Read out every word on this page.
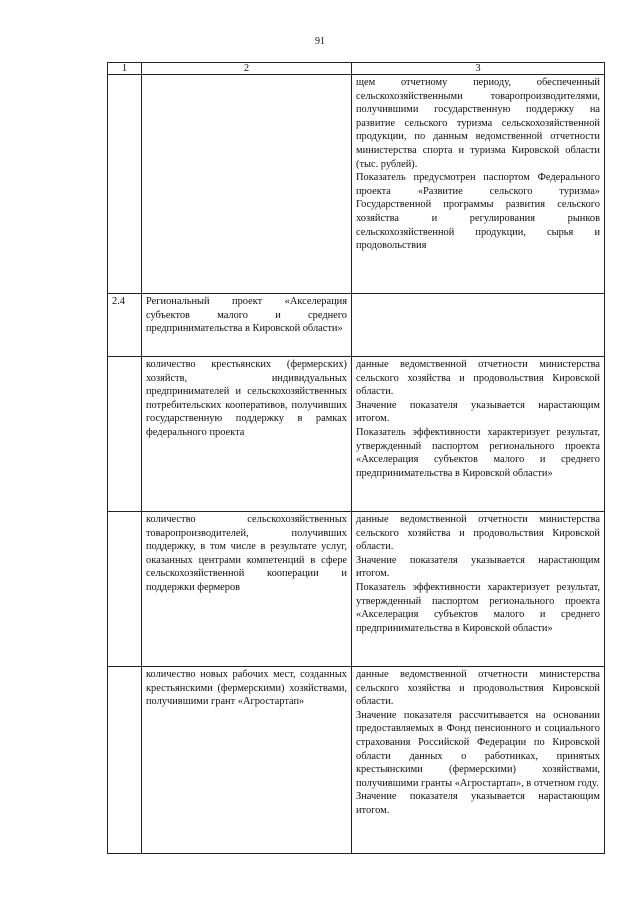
91
1	2	3

		щем отчетному периоду, обеспеченный сельскохозяйственными товаропроизводителями, получившими государственную поддержку на развитие сельского туризма сельскохозяйственной продукции, по данным ведомственной отчетности министерства спорта и туризма Кировской области (тыс. рублей).

Показатель предусмотрен паспортом Федерального проекта «Развитие сельского туризма» Государственной программы развития сельского хозяйства и регулирования рынков сельскохозяйственной продукции, сырья и продовольствия

2.4	Региональный проект «Акселерация субъектов малого и среднего предпринимательства в Кировской области»	

	количество крестьянских (фермерских) хозяйств, индивидуальных предпринимателей и сельскохозяйственных потребительских кооперативов, получивших государственную поддержку в рамках федерального проекта	данные ведомственной отчетности министерства сельского хозяйства и продовольствия Кировской области.

Значение показателя указывается нарастающим итогом.

Показатель эффективности характеризует результат, утвержденный паспортом регионального проекта «Акселерация субъектов малого и среднего предпринимательства в Кировской области»

	количество сельскохозяйственных товаропроизводителей, получивших поддержку, в том числе в результате услуг, оказанных центрами компетенций в сфере сельскохозяйственной кооперации и поддержки фермеров	данные ведомственной отчетности министерства сельского хозяйства и продовольствия Кировской области.

Значение показателя указывается нарастающим итогом.

Показатель эффективности характеризует результат, утвержденный паспортом регионального проекта «Акселерация субъектов малого и среднего предпринимательства в Кировской области»

	количество новых рабочих мест, созданных крестьянскими (фермерскими) хозяйствами, получившими грант «Агростартап»	данные ведомственной отчетности министерства сельского хозяйства и продовольствия Кировской области.

Значение показателя рассчитывается на основании предоставляемых в Фонд пенсионного и социального страхования Российской Федерации по Кировской области данных о работниках, принятых крестьянскими (фермерскими) хозяйствами, получившими гранты «Агростартап», в отчетном году.

Значение показателя указывается нарастающим итогом.
